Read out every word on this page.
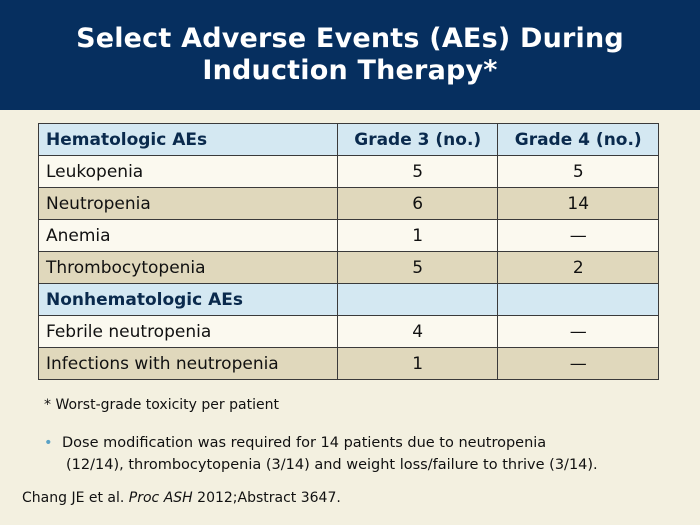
Select Adverse Events (AEs) During
Induction Therapy*
Hematologic AEs	Grade 3 (no.)	Grade 4 (no.)
Leukopenia	5	5
Neutropenia	6	14
Anemia	1	—
Thrombocytopenia	5	2
Nonhematologic AEs		
Febrile neutropenia	4	—
Infections with neutropenia	1	—
* Worst-grade toxicity per patient
• Dose modification was required for 14 patients due to neutropenia
(12/14), thrombocytopenia (3/14) and weight loss/failure to thrive (3/14).
Chang JE et al. Proc ASH 2012;Abstract 3647.
